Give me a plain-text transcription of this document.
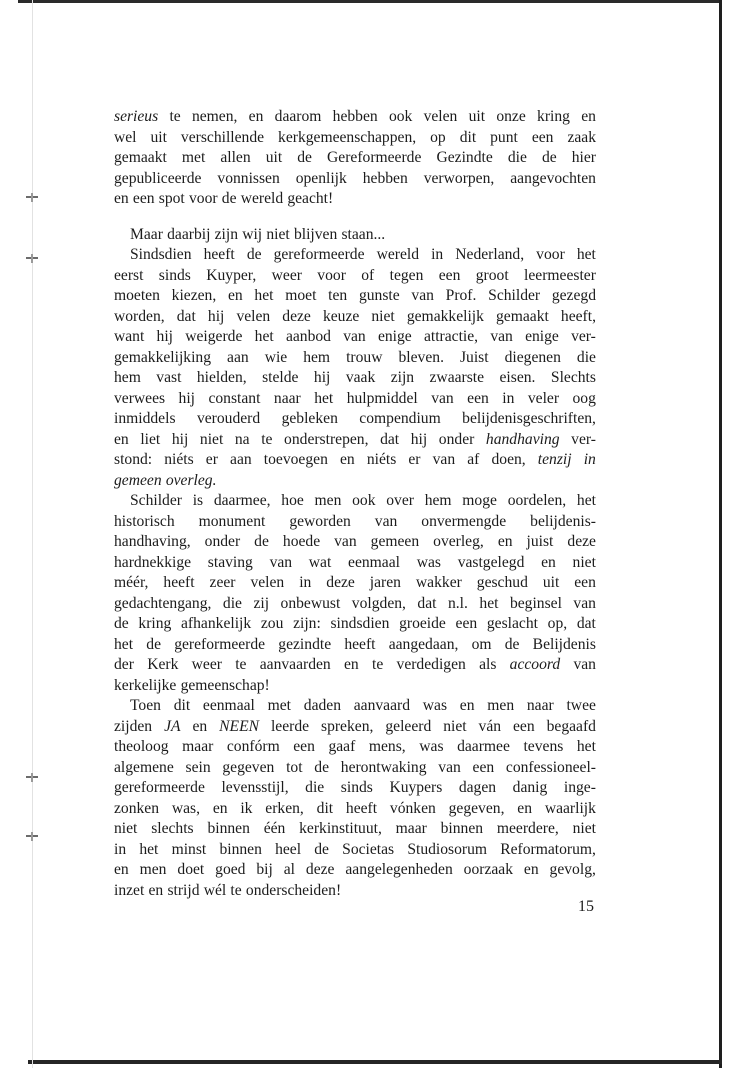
serieus te nemen, en daarom hebben ook velen uit onze kring en
wel uit verschillende kerkgemeenschappen, op dit punt een zaak
gemaakt met allen uit de Gereformeerde Gezindte die de hier
gepubliceerde vonnissen openlijk hebben verworpen, aangevochten
en een spot voor de wereld geacht!
Maar daarbij zijn wij niet blijven staan...
Sindsdien heeft de gereformeerde wereld in Nederland, voor het
eerst sinds Kuyper, weer voor of tegen een groot leermeester
moeten kiezen, en het moet ten gunste van Prof. Schilder gezegd
worden, dat hij velen deze keuze niet gemakkelijk gemaakt heeft,
want hij weigerde het aanbod van enige attractie, van enige ver-
gemakkelijking aan wie hem trouw bleven. Juist diegenen die
hem vast hielden, stelde hij vaak zijn zwaarste eisen. Slechts
verwees hij constant naar het hulpmiddel van een in veler oog
inmiddels verouderd gebleken compendium belijdenisgeschriften,
en liet hij niet na te onderstrepen, dat hij onder handhaving ver-
stond: niéts er aan toevoegen en niéts er van af doen, tenzij in
gemeen overleg.
Schilder is daarmee, hoe men ook over hem moge oordelen, het
historisch monument geworden van onvermengde belijdenis-
handhaving, onder de hoede van gemeen overleg, en juist deze
hardnekkige staving van wat eenmaal was vastgelegd en niet
méér, heeft zeer velen in deze jaren wakker geschud uit een
gedachtengang, die zij onbewust volgden, dat n.l. het beginsel van
de kring afhankelijk zou zijn: sindsdien groeide een geslacht op, dat
het de gereformeerde gezindte heeft aangedaan, om de Belijdenis
der Kerk weer te aanvaarden en te verdedigen als accoord van
kerkelijke gemeenschap!
Toen dit eenmaal met daden aanvaard was en men naar twee
zijden JA en NEEN leerde spreken, geleerd niet ván een begaafd
theoloog maar confórm een gaaf mens, was daarmee tevens het
algemene sein gegeven tot de herontwaking van een confessioneel-
gereformeerde levensstijl, die sinds Kuypers dagen danig inge-
zonken was, en ik erken, dit heeft vónken gegeven, en waarlijk
niet slechts binnen één kerkinstituut, maar binnen meerdere, niet
in het minst binnen heel de Societas Studiosorum Reformatorum,
en men doet goed bij al deze aangelegenheden oorzaak en gevolg,
inzet en strijd wél te onderscheiden!
15
